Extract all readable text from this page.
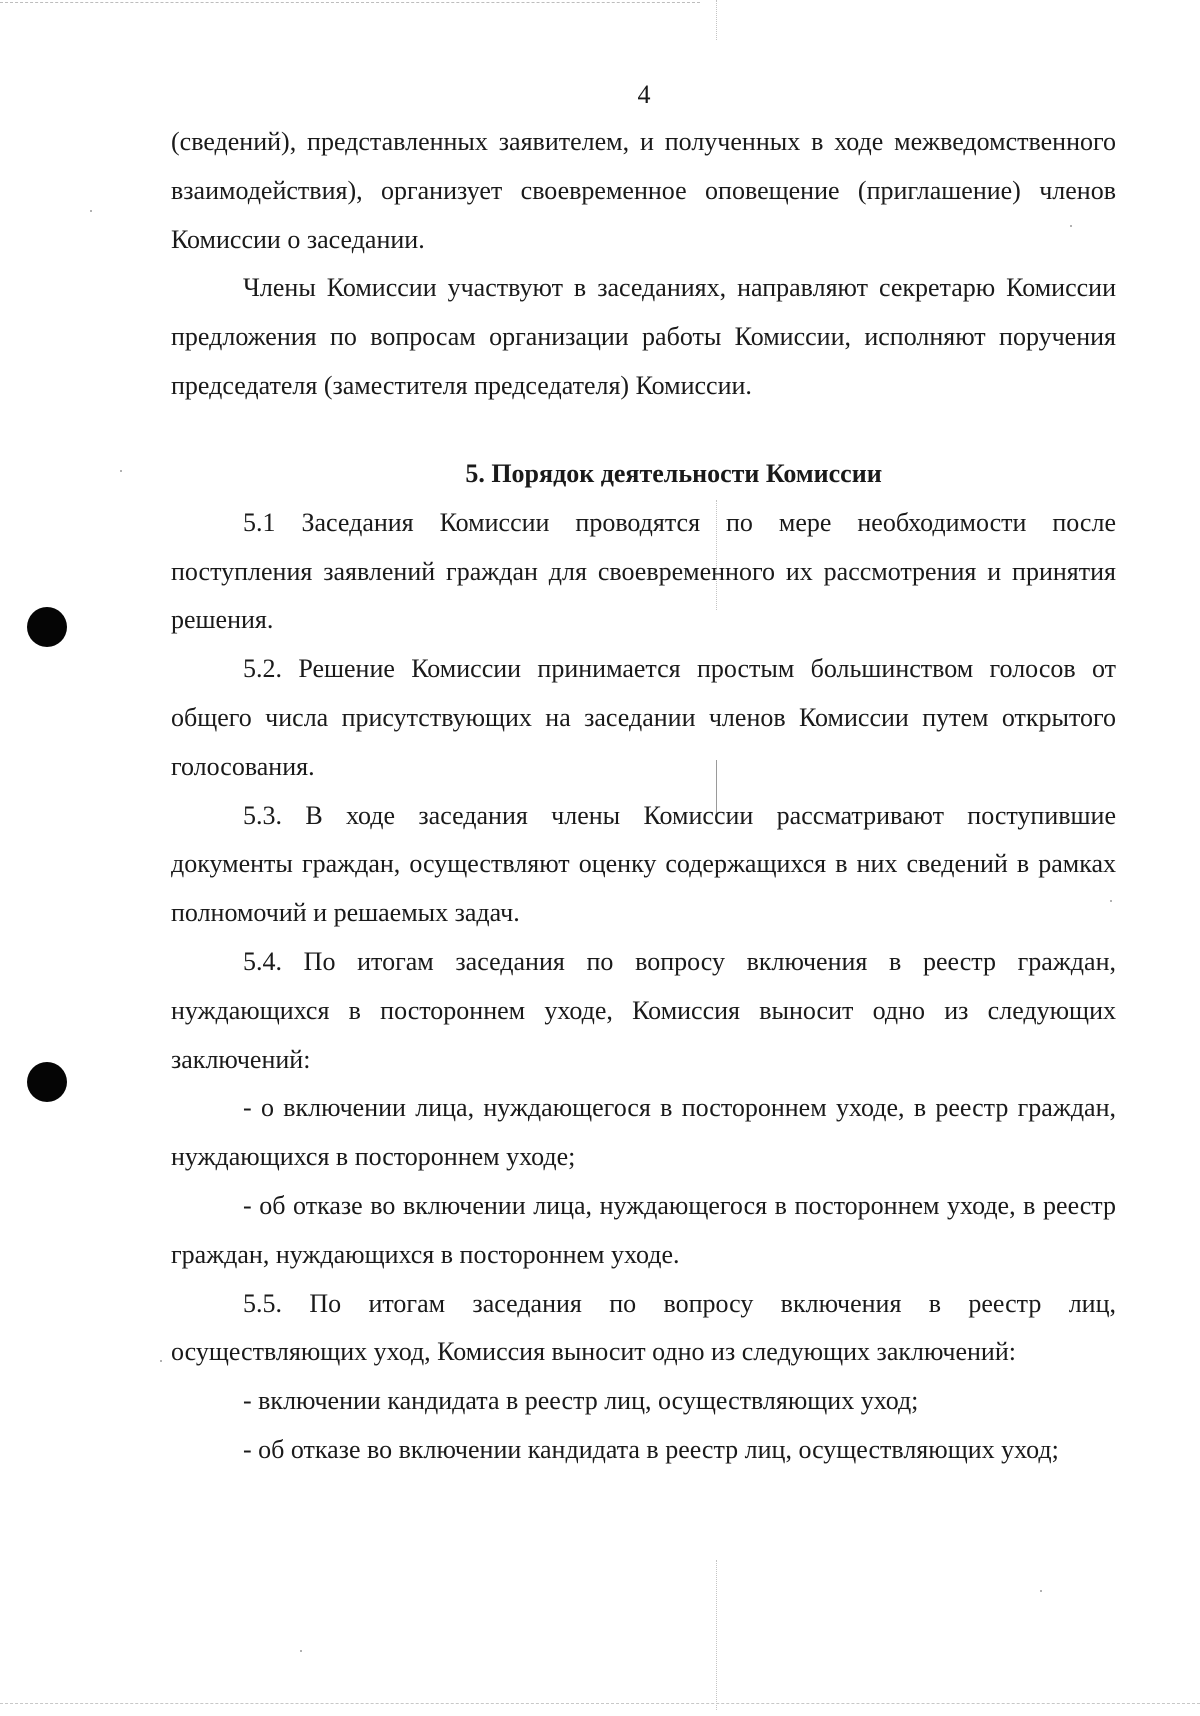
4

(сведений), представленных заявителем, и полученных в ходе межведомственного взаимодействия), организует своевременное оповещение (приглашение) членов Комиссии о заседании.

Члены Комиссии участвуют в заседаниях, направляют секретарю Комиссии предложения по вопросам организации работы Комиссии, исполняют поручения председателя (заместителя председателя) Комиссии.

5. Порядок деятельности Комиссии

5.1 Заседания Комиссии проводятся по мере необходимости после поступления заявлений граждан для своевременного их рассмотрения и принятия решения.

5.2. Решение Комиссии принимается простым большинством голосов от общего числа присутствующих на заседании членов Комиссии путем открытого голосования.

5.3. В ходе заседания члены Комиссии рассматривают поступившие документы граждан, осуществляют оценку содержащихся в них сведений в рамках полномочий и решаемых задач.

5.4. По итогам заседания по вопросу включения в реестр граждан, нуждающихся в постороннем уходе, Комиссия выносит одно из следующих заключений:

- о включении лица, нуждающегося в постороннем уходе, в реестр граждан, нуждающихся в постороннем уходе;

- об отказе во включении лица, нуждающегося в постороннем уходе, в реестр граждан, нуждающихся в постороннем уходе.

5.5. По итогам заседания по вопросу включения в реестр лиц, осуществляющих уход, Комиссия выносит одно из следующих заключений:

- включении кандидата в реестр лиц, осуществляющих уход;

- об отказе во включении кандидата в реестр лиц, осуществляющих уход;
